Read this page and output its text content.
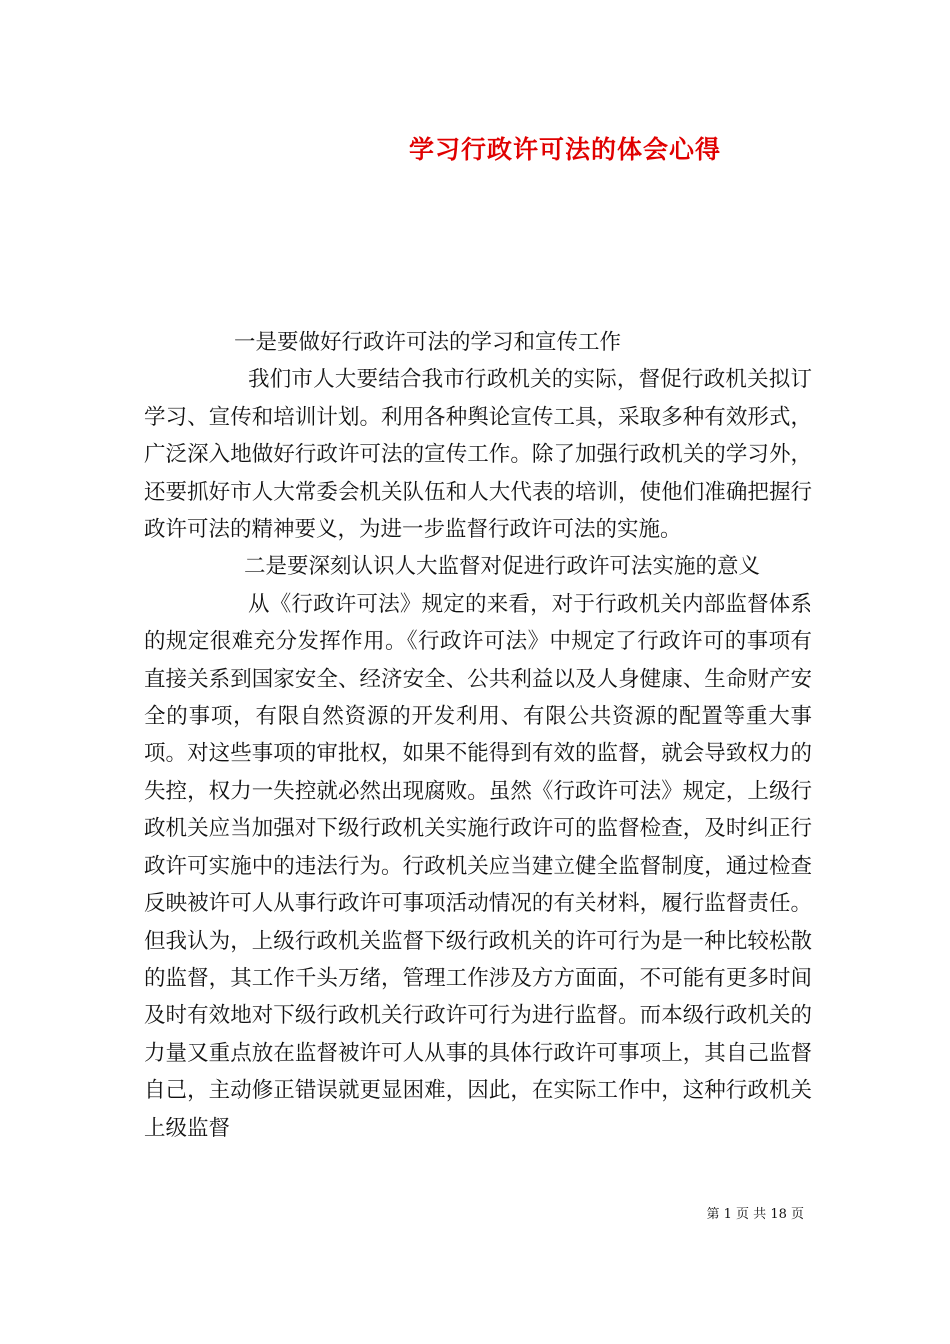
学习行政许可法的体会心得

一是要做好行政许可法的学习和宣传工作

我们市人大要结合我市行政机关的实际，督促行政机关拟订学习、宣传和培训计划。利用各种舆论宣传工具，采取多种有效形式，广泛深入地做好行政许可法的宣传工作。除了加强行政机关的学习外，还要抓好市人大常委会机关队伍和人大代表的培训，使他们准确把握行政许可法的精神要义，为进一步监督行政许可法的实施。

二是要深刻认识人大监督对促进行政许可法实施的意义

从《行政许可法》规定的来看，对于行政机关内部监督体系的规定很难充分发挥作用。《行政许可法》中规定了行政许可的事项有直接关系到国家安全、经济安全、公共利益以及人身健康、生命财产安全的事项，有限自然资源的开发利用、有限公共资源的配置等重大事项。对这些事项的审批权，如果不能得到有效的监督，就会导致权力的失控，权力一失控就必然出现腐败。虽然《行政许可法》规定，上级行政机关应当加强对下级行政机关实施行政许可的监督检查，及时纠正行政许可实施中的违法行为。行政机关应当建立健全监督制度，通过检查反映被许可人从事行政许可事项活动情况的有关材料，履行监督责任。但我认为，上级行政机关监督下级行政机关的许可行为是一种比较松散的监督，其工作千头万绪，管理工作涉及方方面面，不可能有更多时间及时有效地对下级行政机关行政许可行为进行监督。而本级行政机关的力量又重点放在监督被许可人从事的具体行政许可事项上，其自己监督自己，主动修正错误就更显困难，因此，在实际工作中，这种行政机关上级监督

第 1 页 共 18 页
